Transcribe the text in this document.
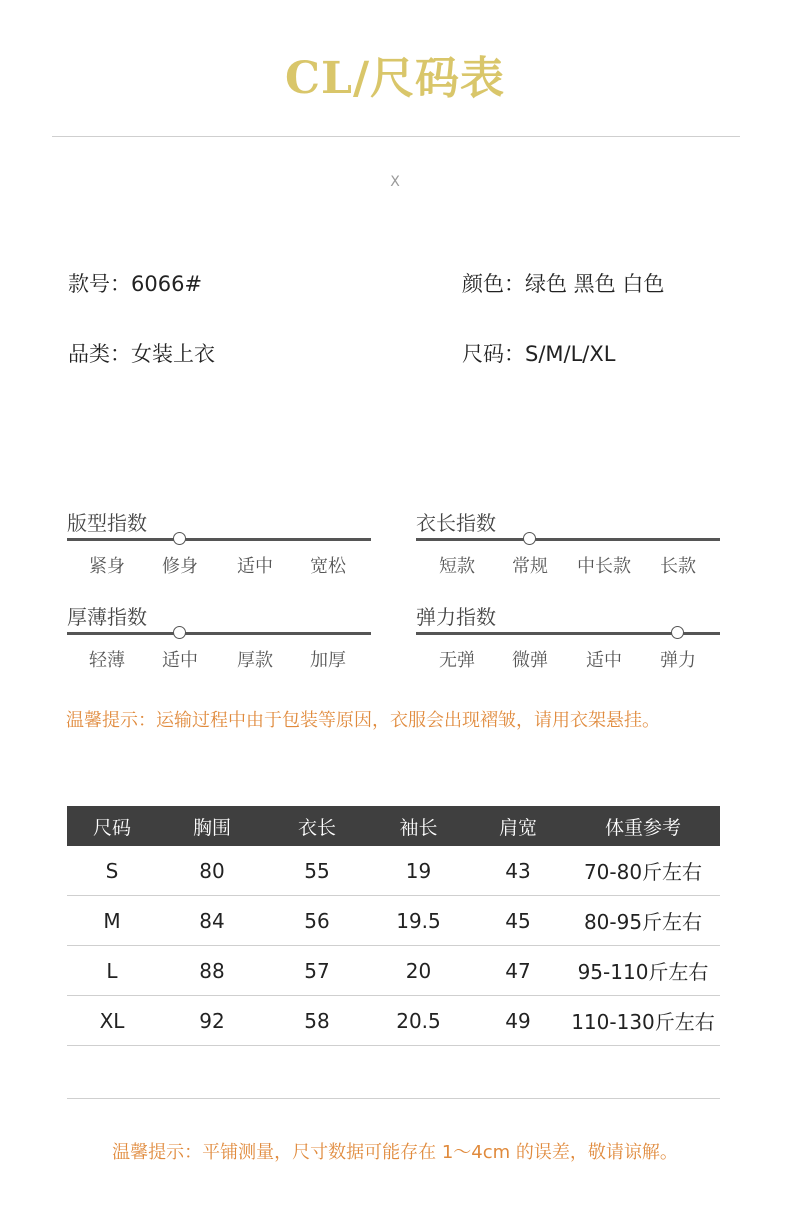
CL/尺码表
X
款号：6066#	颜色：绿色 黑色 白色
品类：女装上衣	尺码：S/M/L/XL
版型指数
紧身	修身	适中	宽松
衣长指数
短款	常规	中长款	长款
厚薄指数
轻薄	适中	厚款	加厚
弹力指数
无弹	微弹	适中	弹力
温馨提示：运输过程中由于包装等原因，衣服会出现褶皱，请用衣架悬挂。
尺码	胸围	衣长	袖长	肩宽	体重参考
S	80	55	19	43	70-80斤左右
M	84	56	19.5	45	80-95斤左右
L	88	57	20	47	95-110斤左右
XL	92	58	20.5	49	110-130斤左右
温馨提示：平铺测量，尺寸数据可能存在 1～4cm 的误差，敬请谅解。
